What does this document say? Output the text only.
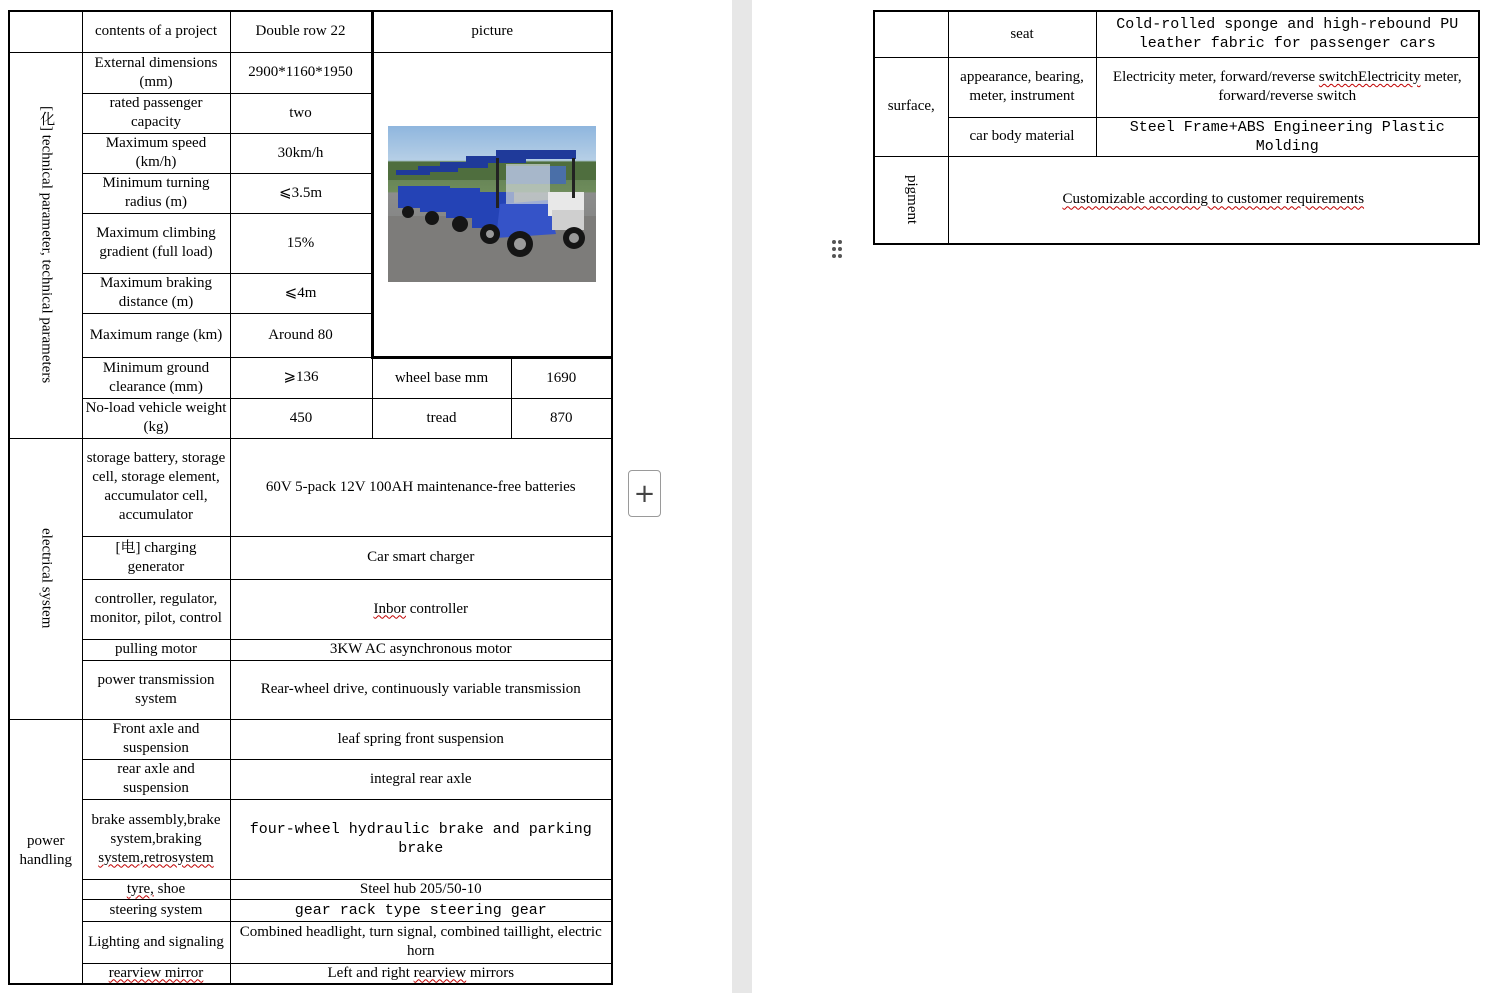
	contents of a project	Double row 22	picture	

[化] technical parameter, technical parameters	External dimensions (mm)	2900*1160*1950	

	rated passenger capacity	two		
	Maximum speed (km/h)	30km/h		
	Minimum turning radius (m)	⩽3.5m		
	Maximum climbing gradient (full load)	15%		
	Maximum braking distance (m)	⩽4m		
	Maximum range (km)	Around 80		
	Minimum ground clearance (mm)	⩾136	wheel base mm	1690
	No-load vehicle weight (kg)	450	tread	870

electrical system	storage battery, storage cell, storage element, accumulator cell, accumulator	60V 5-pack 12V 100AH maintenance-free batteries		
	[电] charging generator	Car smart charger		
	controller, regulator, monitor, pilot, control	Inbor controller		
	pulling motor	3KW AC asynchronous motor		
	power transmission system	Rear-wheel drive, continuously variable transmission		
power handling	Front axle and suspension	leaf spring front suspension		
	rear axle and suspension	integral rear axle		
	brake assembly,brake system,braking system,retrosystem	four-wheel hydraulic brake and parking brake		
	tyre, shoe	Steel hub 205/50-10		
	steering system	gear rack type steering gear		
	Lighting and signaling	Combined headlight, turn signal, combined taillight, electric horn		
	rearview mirror	Left and right rearview mirrors		
	seat	Cold-rolled sponge and high-rebound PU leather fabric for passenger cars
surface,	appearance, bearing, meter, instrument	Electricity meter, forward/reverse switchElectricity meter, forward/reverse switch
	car body material	Steel Frame+ABS Engineering Plastic Molding

pigment	Customizable according to customer requirements	
+
